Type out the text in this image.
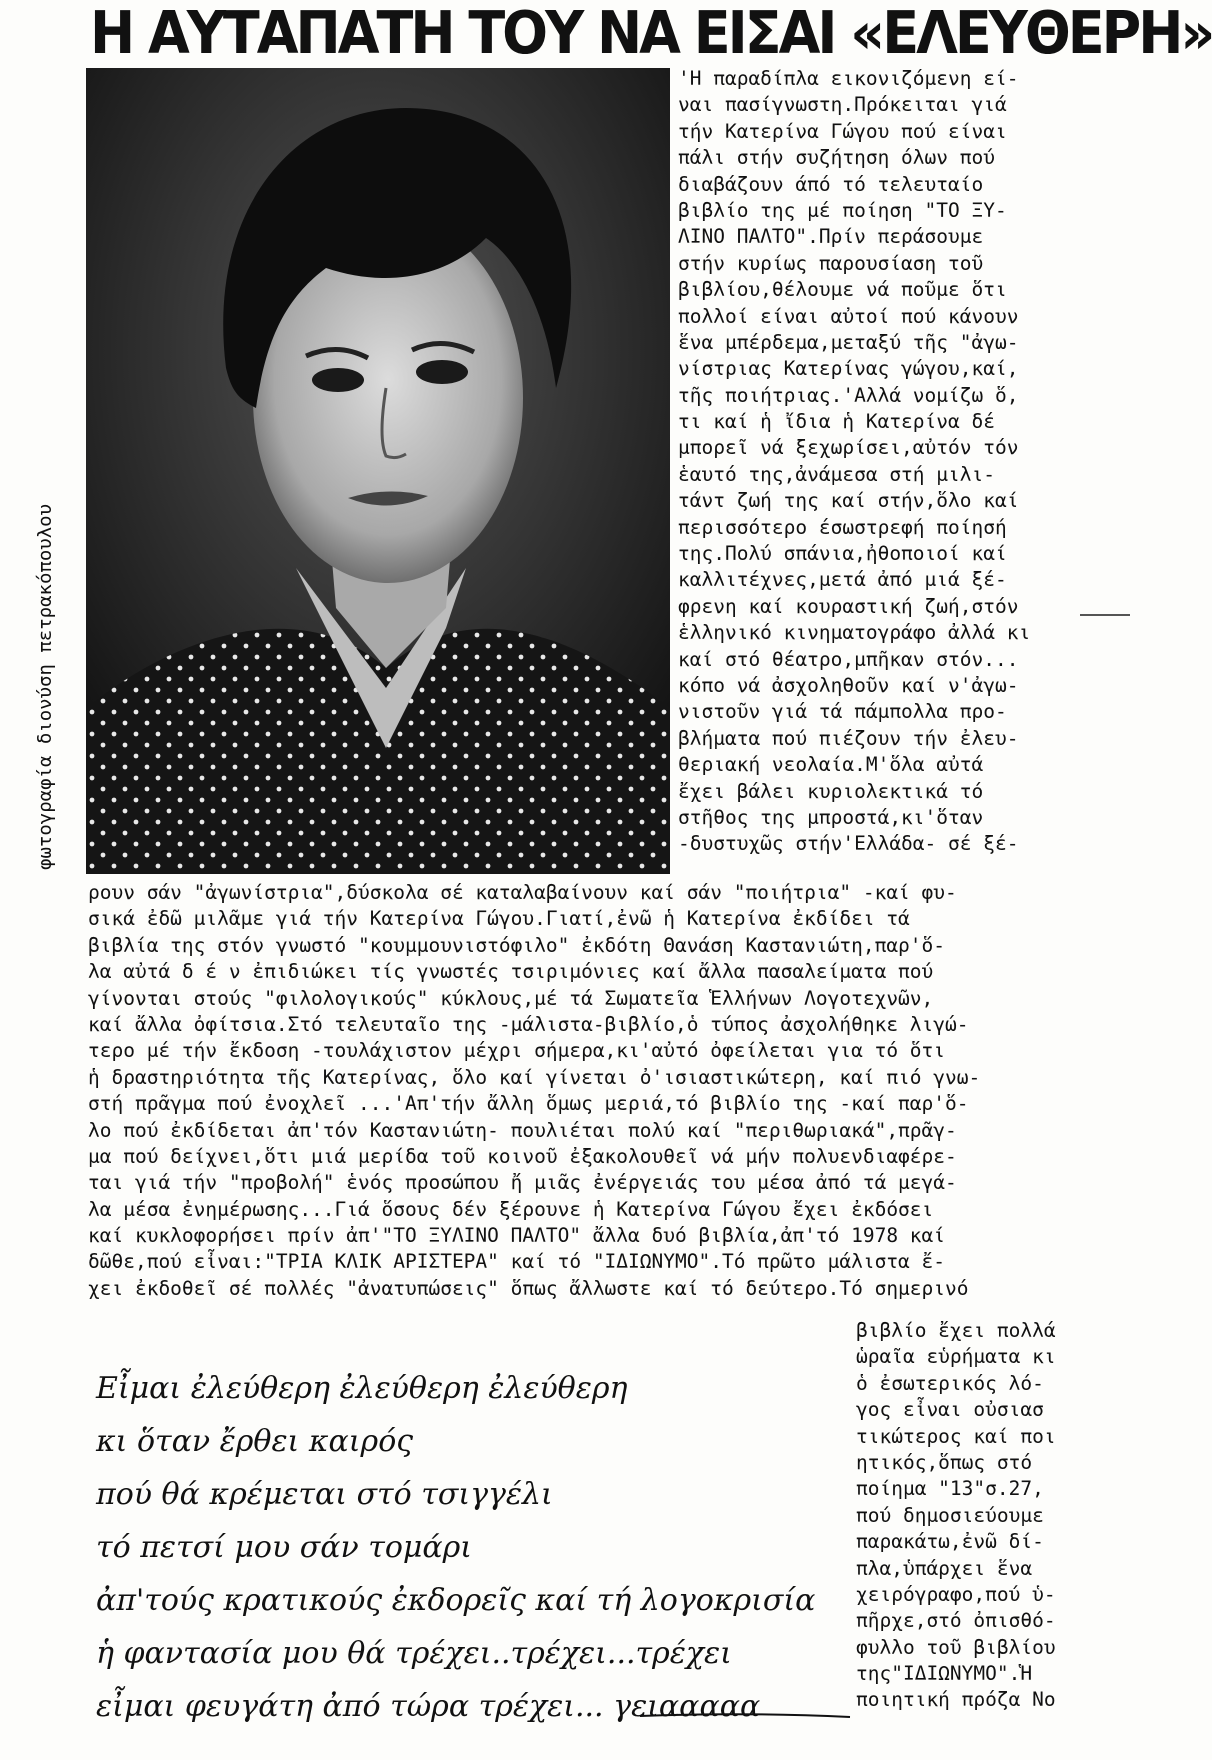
Η ΑΥΤΑΠΑΤΗ ΤΟΥ ΝΑ ΕΙΣΑΙ «ΕΛΕΥΘΕΡΗ»
φωτογραφία διονύση πετρακόπουλου
'Η παραδίπλα εικονιζόμενη εί-
ναι πασίγνωστη.Πρόκειται γιά
τήν Κατερίνα Γώγου πού είναι
πάλι στήν συζήτηση όλων πού
διαβάζουν άπό τό τελευταίο
βιβλίο της μέ ποίηση "ΤΟ ΞΥ-
ΛΙΝΟ ΠΑΛΤΟ".Πρίν περάσουμε
στήν κυρίως παρουσίαση τοῦ
βιβλίου,θέλουμε νά ποῦμε ὅτι
πολλοί είναι αὐτοί πού κάνουν
ἕνα μπέρδεμα,μεταξύ τῆς "ἀγω-
νίστριας Κατερίνας γώγου,καί,
τῆς ποιήτριας.'Αλλά νομίζω ὅ,
τι καί ἡ ἴδια ἡ Κατερίνα δέ
μπορεῖ νά ξεχωρίσει,αὐτόν τόν
ἑαυτό της,ἀνάμεσα στή μιλι-
τάντ ζωή της καί στήν,ὅλο καί
περισσότερο έσωστρεφή ποίησή
της.Πολύ σπάνια,ἠθοποιοί καί
καλλιτέχνες,μετά ἀπό μιά ξέ-
φρενη καί κουραστική ζωή,στόν
ἑλληνικό κινηματογράφο ἀλλά κι
καί στό θέατρο,μπῆκαν στόν...
κόπο νά ἀσχοληθοῦν καί ν'ἀγω-
νιστοῦν γιά τά πάμπολλα προ-
βλήματα πού πιέζουν τήν ἐλευ-
θεριακή νεολαία.Μ'ὅλα αὐτά
ἔχει βάλει κυριολεκτικά τό
στῆθος της μπροστά,κι'ὅταν
-δυστυχῶς στήν'Ελλάδα- σέ ξέ-
ρουν σάν "ἀγωνίστρια",δύσκολα σέ καταλαβαίνουν καί σάν "ποιήτρια" -καί φυ-
σικά ἐδῶ μιλᾶμε γιά τήν Κατερίνα Γώγου.Γιατί,ἐνῶ ἡ Κατερίνα ἐκδίδει τά
βιβλία της στόν γνωστό "κουμμουνιστόφιλο" ἐκδότη Θανάση Καστανιώτη,παρ'ὅ-
λα αὐτά δ έ ν ἐπιδιώκει τίς γνωστές τσιριμόνιες καί ἄλλα πασαλείματα πού
γίνονται στούς "φιλολογικούς" κύκλους,μέ τά Σωματεῖα Ἑλλήνων Λογοτεχνῶν,
καί ἄλλα ὀφίτσια.Στό τελευταῖο της -μάλιστα-βιβλίο,ὁ τύπος ἀσχολήθηκε λιγώ-
τερο μέ τήν ἔκδοση -τουλάχιστον μέχρι σήμερα,κι'αὐτό ὀφείλεται για τό ὅτι
ἡ δραστηριότητα τῆς Κατερίνας, ὅλο καί γίνεται ὀ'ισιαστικώτερη, καί πιό γνω-
στή πρᾶγμα πού ἐνοχλεῖ ...'Απ'τήν ἄλλη ὅμως μεριά,τό βιβλίο της -καί παρ'ὅ-
λο πού ἐκδίδεται ἀπ'τόν Καστανιώτη- πουλιέται πολύ καί "περιθωριακά",πρᾶγ-
μα πού δείχνει,ὅτι μιά μερίδα τοῦ κοινοῦ ἐξακολουθεῖ νά μήν πολυενδιαφέρε-
ται γιά τήν "προβολή" ἑνός προσώπου ἤ μιᾶς ἐνέργειάς του μέσα ἀπό τά μεγά-
λα μέσα ἐνημέρωσης...Γιά ὅσους δέν ξέρουνε ἡ Κατερίνα Γώγου ἔχει ἐκδόσει
καί κυκλοφορήσει πρίν ἀπ'"ΤΟ ΞΥΛΙΝΟ ΠΑΛΤΟ" ἄλλα δυό βιβλία,ἀπ'τό 1978 καί
δῶθε,πού εἶναι:"ΤΡΙΑ ΚΛΙΚ ΑΡΙΣΤΕΡΑ" καί τό "ΙΔΙΩΝΥΜΟ".Τό πρῶτο μάλιστα ἔ-
χει ἐκδοθεῖ σέ πολλές "ἀνατυπώσεις" ὅπως ἄλλωστε καί τό δεύτερο.Τό σημερινό
βιβλίο ἔχει πολλά
ὡραῖα εὑρήματα κι
ὁ ἐσωτερικός λό-
γος εἶναι οὐσιασ
τικώτερος καί ποι
ητικός,ὅπως στό
ποίημα "13"σ.27,
πού δημοσιεύουμε
παρακάτω,ἐνῶ δί-
πλα,ὑπάρχει ἕνα
χειρόγραφο,πού ὑ-
πῆρχε,στό ὀπισθό-
φυλλο τοῦ βιβλίου
της"ΙΔΙΩΝΥΜΟ".Ἡ
ποιητική πρόζα Νο
Εἶμαι ἐλεύθερη ἐλεύθερη ἐλεύθερη
κι ὅταν ἔρθει καιρός
πού θά κρέμεται στό τσιγγέλι
τό πετσί μου σάν τομάρι
ἀπ'τούς κρατικούς ἐκδορεῖς καί τή λογοκρισία
ἡ φαντασία μου θά τρέχει..τρέχει...τρέχει
εἶμαι φευγάτη ἀπό τώρα τρέχει... γειααααα
